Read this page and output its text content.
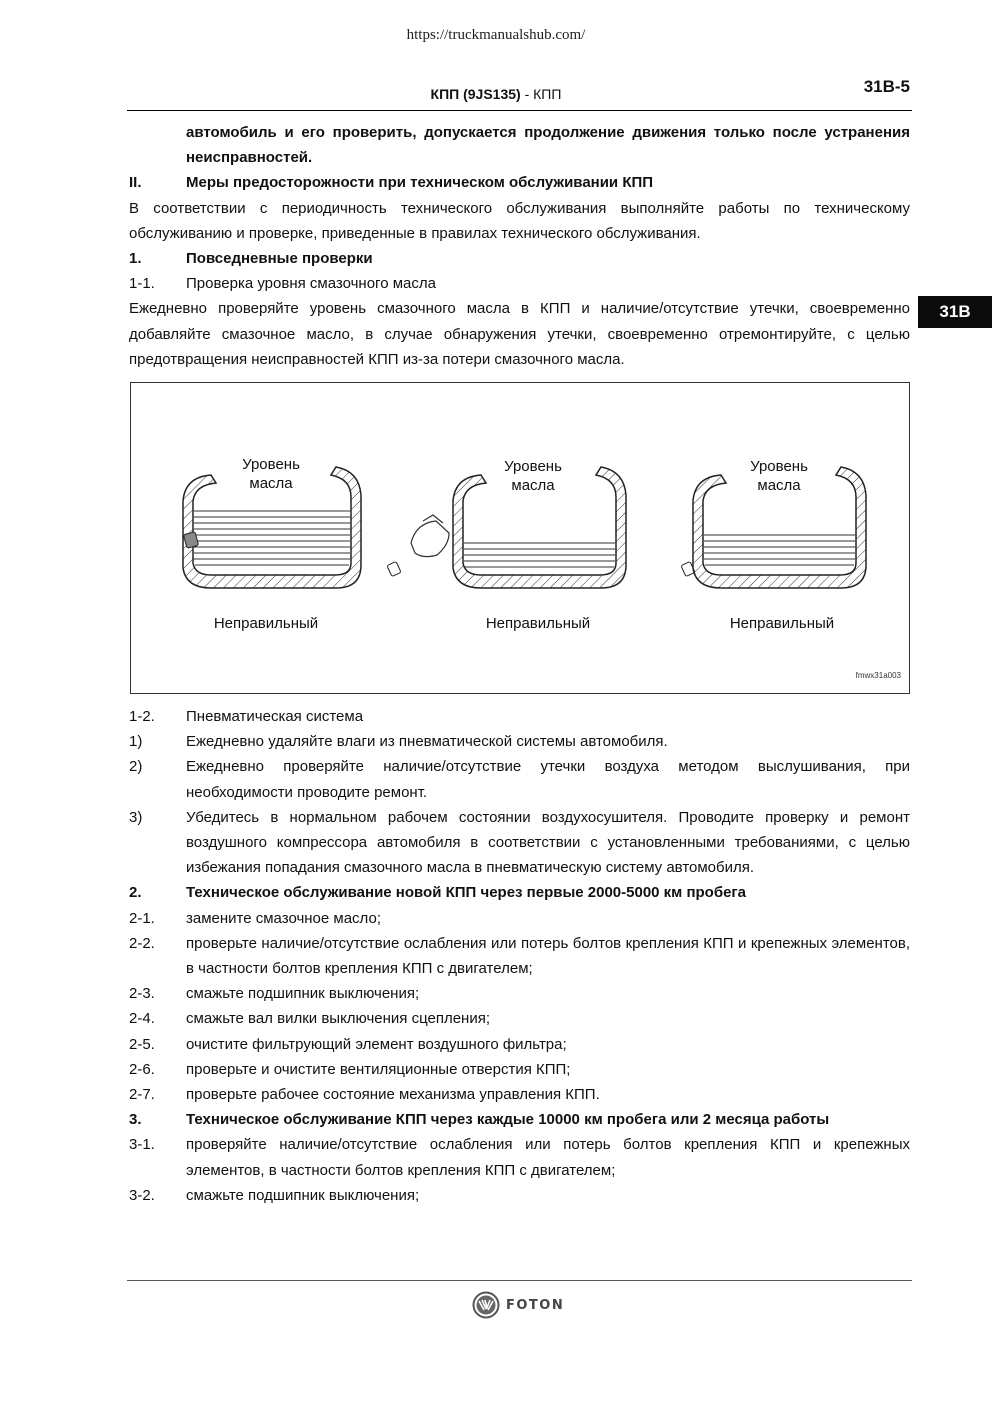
https://truckmanualshub.com/
КПП (9JS135) - КПП	31B-5
31B
автомобиль и его проверить, допускается продолжение движения только после устранения неисправностей.
II.	Меры предосторожности при техническом обслуживании КПП
В соответствии с периодичность технического обслуживания выполняйте работы по техническому обслуживанию и проверке, приведенные в правилах технического обслуживания.
1.	Повседневные проверки
1-1.	Проверка уровня смазочного масла
Ежедневно проверяйте уровень смазочного масла в КПП и наличие/отсутствие утечки, своевременно добавляйте смазочное масло, в случае обнаружения утечки, своевременно отремонтируйте, с целью предотвращения неисправностей КПП из-за потери смазочного масла.
Уровень
масла
Уровень
масла
Уровень
масла
Неправильный	Неправильный	Неправильный
fmwx31a003
1-2.	Пневматическая система
1)	Ежедневно удаляйте влаги из пневматической системы автомобиля.
2)	Ежедневно проверяйте наличие/отсутствие утечки воздуха методом выслушивания, при необходимости проводите ремонт.
3)	Убедитесь в нормальном рабочем состоянии воздухосушителя. Проводите проверку и ремонт воздушного компрессора автомобиля в соответствии с установленными требованиями, с целью избежания попадания смазочного масла в пневматическую систему автомобиля.
2.	Техническое обслуживание новой КПП через первые 2000-5000 км пробега
2-1.	замените смазочное масло;
2-2.	проверьте наличие/отсутствие ослабления или потерь болтов крепления КПП и крепежных элементов, в частности болтов крепления КПП с двигателем;
2-3.	смажьте подшипник выключения;
2-4.	смажьте вал вилки выключения сцепления;
2-5.	очистите фильтрующий элемент воздушного фильтра;
2-6.	проверьте и очистите вентиляционные отверстия КПП;
2-7.	проверьте рабочее состояние механизма управления КПП.
3.	Техническое обслуживание КПП через каждые 10000 км пробега или 2 месяца работы
3-1.	проверяйте наличие/отсутствие ослабления или потерь болтов крепления КПП и крепежных элементов, в частности болтов крепления КПП с двигателем;
3-2.	смажьте подшипник выключения;
FOTON
